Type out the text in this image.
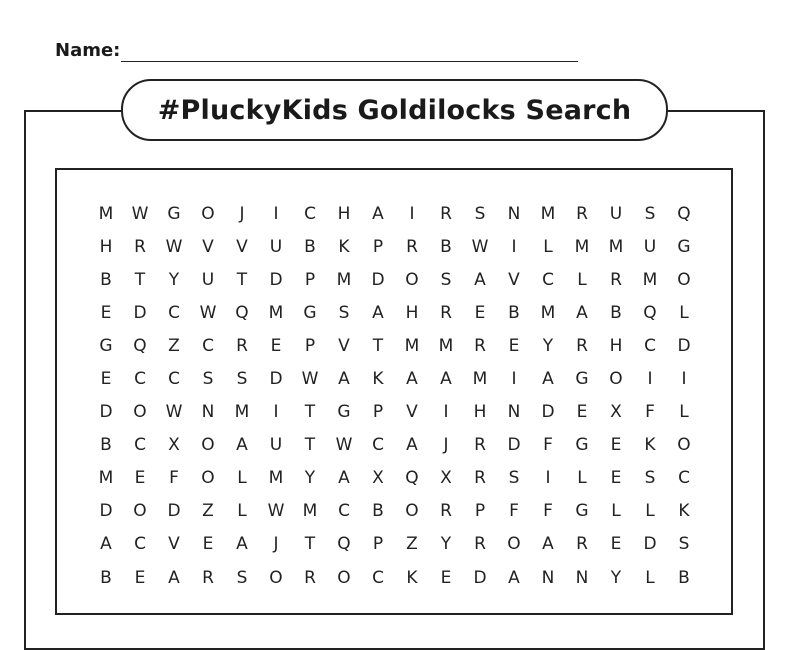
Name:
#PluckyKids Goldilocks Search
M	W	G	O	J	I	C	H	A	I	R	S	N	M	R	U	S	Q
H	R	W	V	V	U	B	K	P	R	B	W	I	L	M	M	U	G
B	T	Y	U	T	D	P	M	D	O	S	A	V	C	L	R	M	O
E	D	C	W	Q	M	G	S	A	H	R	E	B	M	A	B	Q	L
G	Q	Z	C	R	E	P	V	T	M	M	R	E	Y	R	H	C	D
E	C	C	S	S	D	W	A	K	A	A	M	I	A	G	O	I	I
D	O	W	N	M	I	T	G	P	V	I	H	N	D	E	X	F	L
B	C	X	O	A	U	T	W	C	A	J	R	D	F	G	E	K	O
M	E	F	O	L	M	Y	A	X	Q	X	R	S	I	L	E	S	C
D	O	D	Z	L	W	M	C	B	O	R	P	F	F	G	L	L	K
A	C	V	E	A	J	T	Q	P	Z	Y	R	O	A	R	E	D	S
B	E	A	R	S	O	R	O	C	K	E	D	A	N	N	Y	L	B
